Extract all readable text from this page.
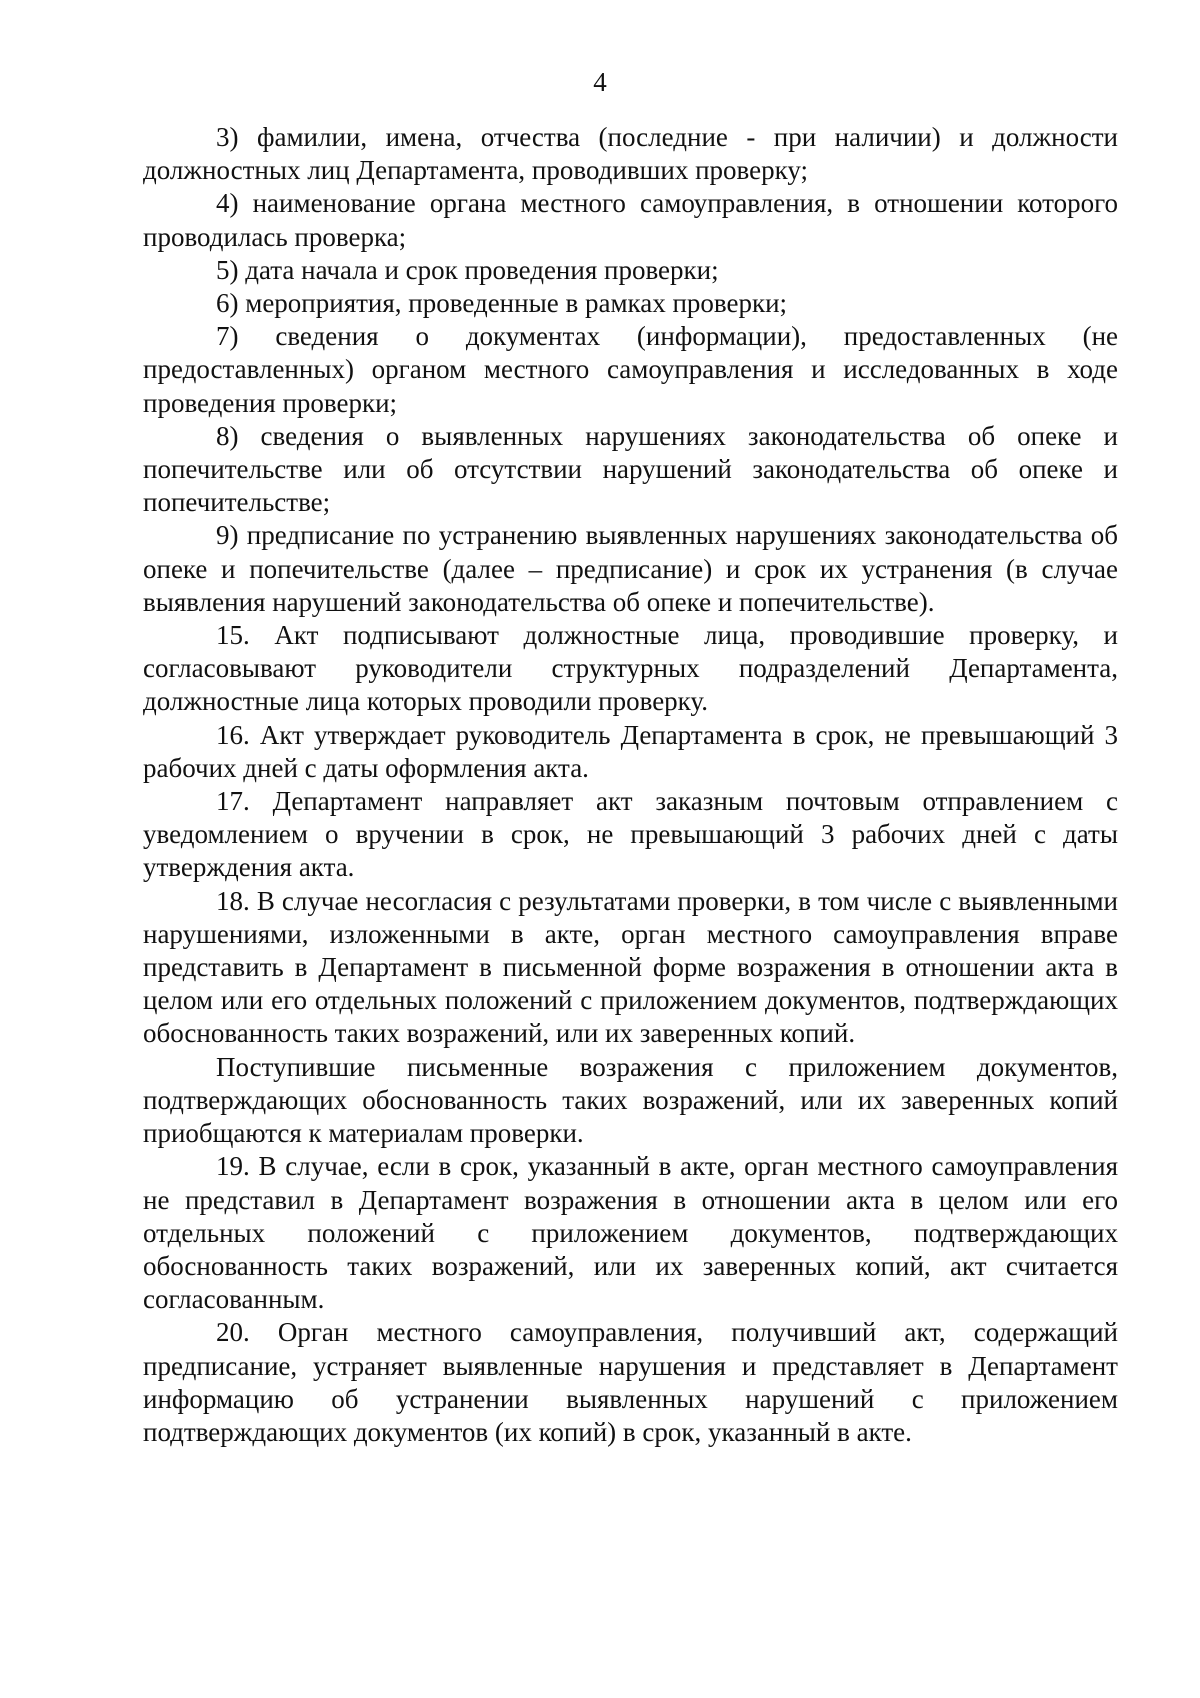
4

3) фамилии, имена, отчества (последние - при наличии) и должности должностных лиц Департамента, проводивших проверку;

4) наименование органа местного самоуправления, в отношении которого проводилась проверка;

5) дата начала и срок проведения проверки;

6) мероприятия, проведенные в рамках проверки;

7) сведения о документах (информации), предоставленных (не предоставленных) органом местного самоуправления и исследованных в ходе проведения проверки;

8) сведения о выявленных нарушениях законодательства об опеке и попечительстве или об отсутствии нарушений законодательства об опеке и попечительстве;

9) предписание по устранению выявленных нарушениях законодательства об опеке и попечительстве (далее – предписание) и срок их устранения (в случае выявления нарушений законодательства об опеке и попечительстве).

15. Акт подписывают должностные лица, проводившие проверку, и согласовывают руководители структурных подразделений Департамента, должностные лица которых проводили проверку.

16. Акт утверждает руководитель Департамента в срок, не превышающий 3 рабочих дней с даты оформления акта.

17. Департамент направляет акт заказным почтовым отправлением с уведомлением о вручении в срок, не превышающий 3 рабочих дней с даты утверждения акта.

18. В случае несогласия с результатами проверки, в том числе с выявленными нарушениями, изложенными в акте, орган местного самоуправления вправе представить в Департамент в письменной форме возражения в отношении акта в целом или его отдельных положений с приложением документов, подтверждающих обоснованность таких возражений, или их заверенных копий.

Поступившие письменные возражения с приложением документов, подтверждающих обоснованность таких возражений, или их заверенных копий приобщаются к материалам проверки.

19. В случае, если в срок, указанный в акте, орган местного самоуправления не представил в Департамент возражения в отношении акта в целом или его отдельных положений с приложением документов, подтверждающих обоснованность таких возражений, или их заверенных копий, акт считается согласованным.

20. Орган местного самоуправления, получивший акт, содержащий предписание, устраняет выявленные нарушения и представляет в Департамент информацию об устранении выявленных нарушений с приложением подтверждающих документов (их копий) в срок, указанный в акте.
